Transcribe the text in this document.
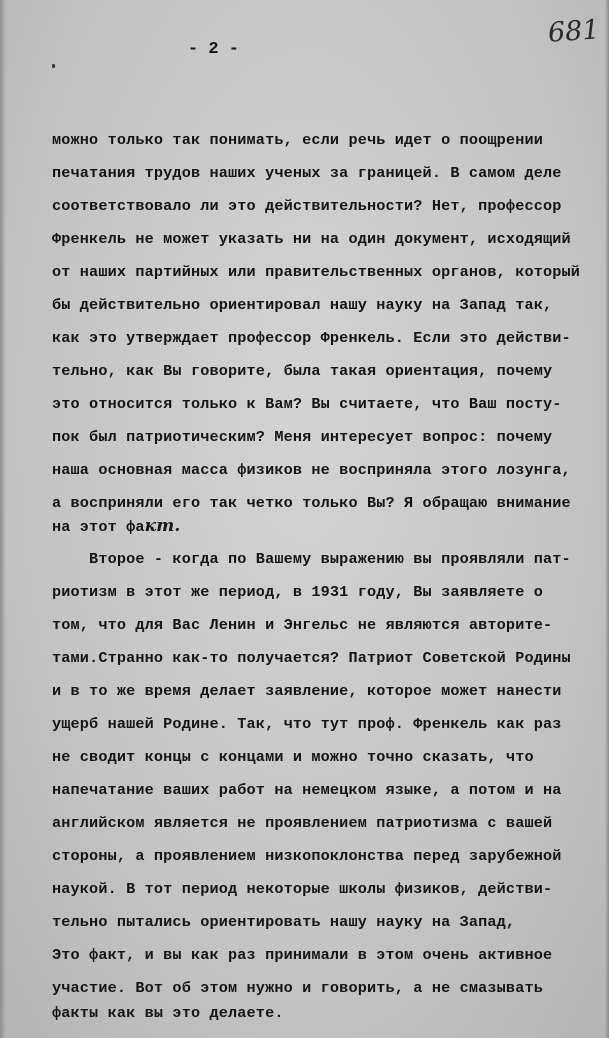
681
- 2 -
можно только так понимать, если речь идет о поощрении
печатания трудов наших ученых за границей. В самом деле
соответствовало ли это действительности? Нет, профессор
Френкель не может указать ни на один документ, исходящий
от наших партийных или правительственных органов, который
бы действительно ориентировал нашу науку на Запад так,
как это утверждает профессор Френкель. Если это действи-
тельно, как Вы говорите, была такая ориентация, почему
это относится только к Вам? Вы считаете, что Ваш посту-
пок был патриотическим? Меня интересует вопрос: почему
наша основная масса физиков не восприняла этого лозунга,
а восприняли его так четко только Вы? Я обращаю внимание
на этот факт.
Второе - когда по Вашему выражению вы проявляли пат-
риотизм в этот же период, в 1931 году, Вы заявляете о
том, что для Вас Ленин и Энгельс не являются авторите-
тами.Странно как-то получается? Патриот Советской Родины
и в то же время делает заявление, которое может нанести
ущерб нашей Родине. Так, что тут проф. Френкель как раз
не сводит концы с концами и можно точно сказать, что
напечатание ваших работ на немецком языке, а потом и на
английском является не проявлением патриотизма с вашей
стороны, а проявлением низкопоклонства перед зарубежной
наукой. В тот период некоторые школы физиков, действи-
тельно пытались ориентировать нашу науку на Запад,
Это факт, и вы как раз принимали в этом очень активное
участие. Вот об этом нужно и говорить, а не смазывать
факты как вы это делаете.
